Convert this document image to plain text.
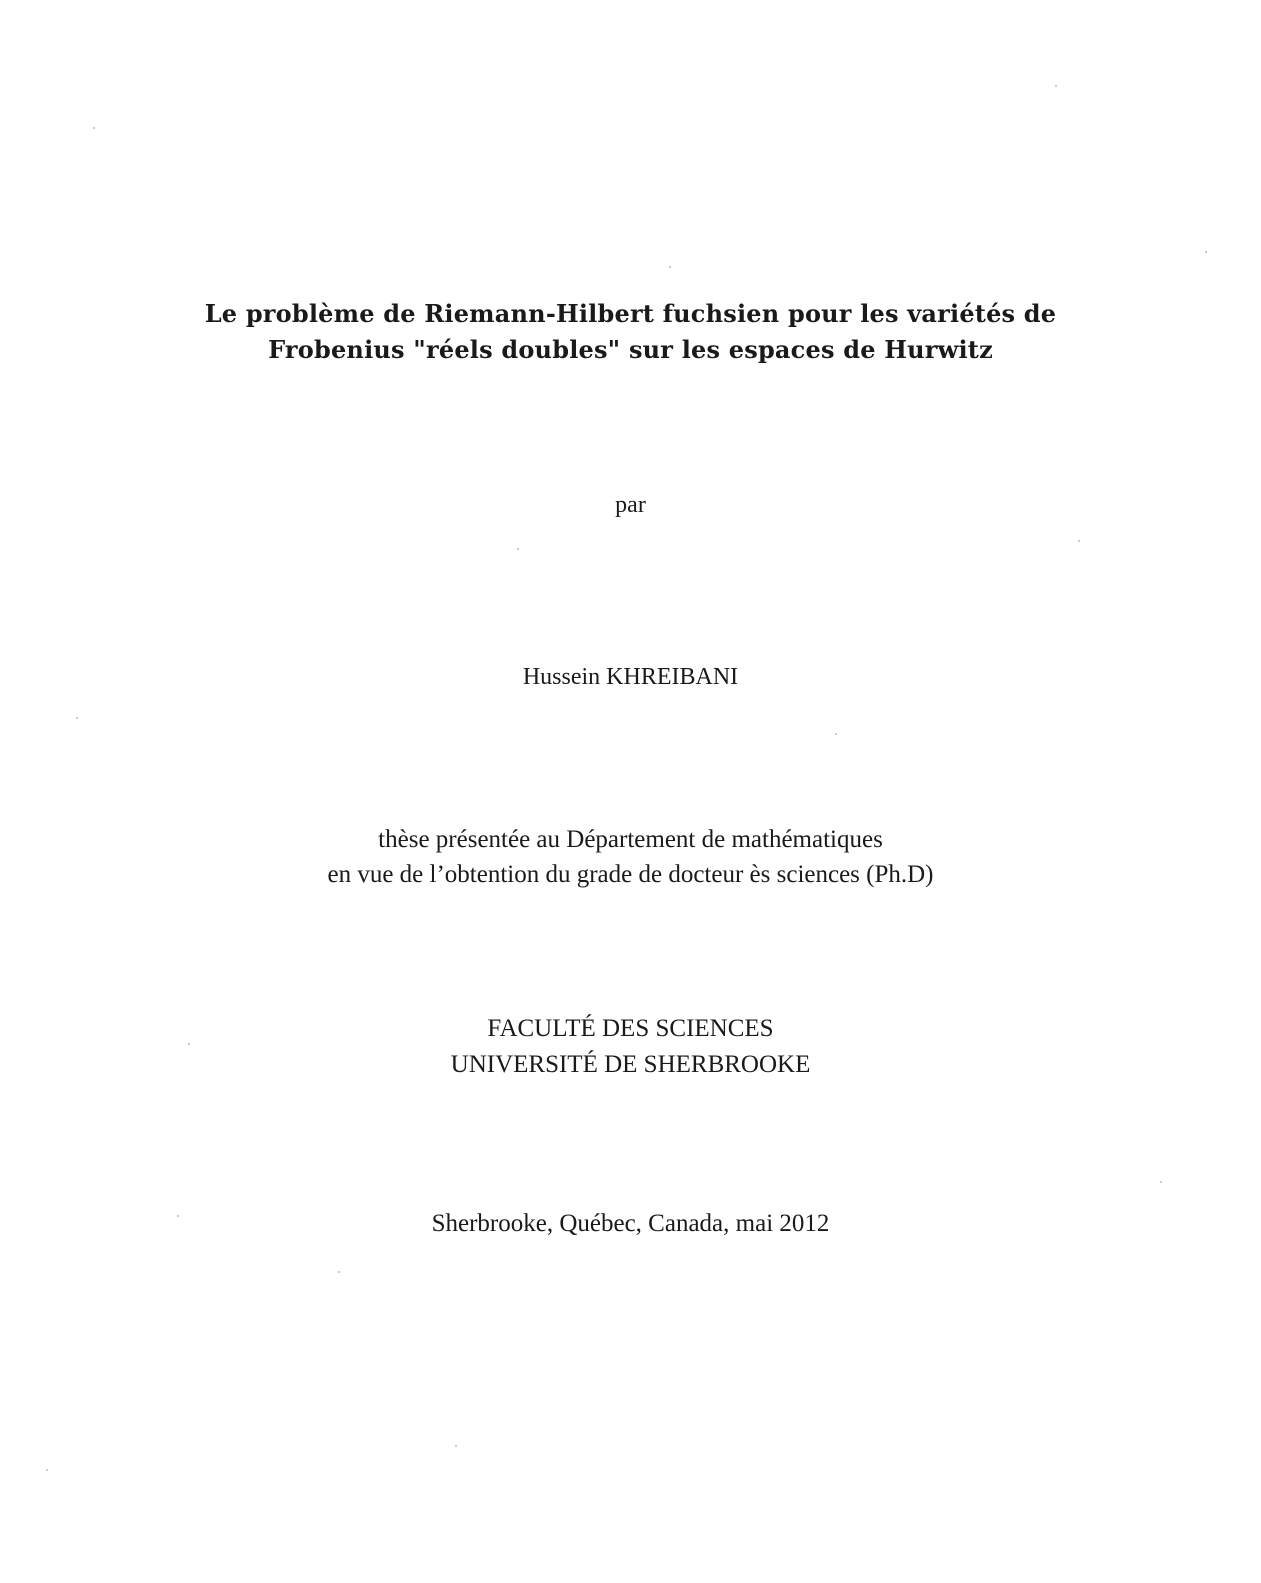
Le problème de Riemann-Hilbert fuchsien pour les variétés de
Frobenius "réels doubles" sur les espaces de Hurwitz
par
Hussein KHREIBANI
thèse présentée au Département de mathématiques
en vue de l’obtention du grade de docteur ès sciences (Ph.D)
FACULTÉ DES SCIENCES
UNIVERSITÉ DE SHERBROOKE
Sherbrooke, Québec, Canada, mai 2012
